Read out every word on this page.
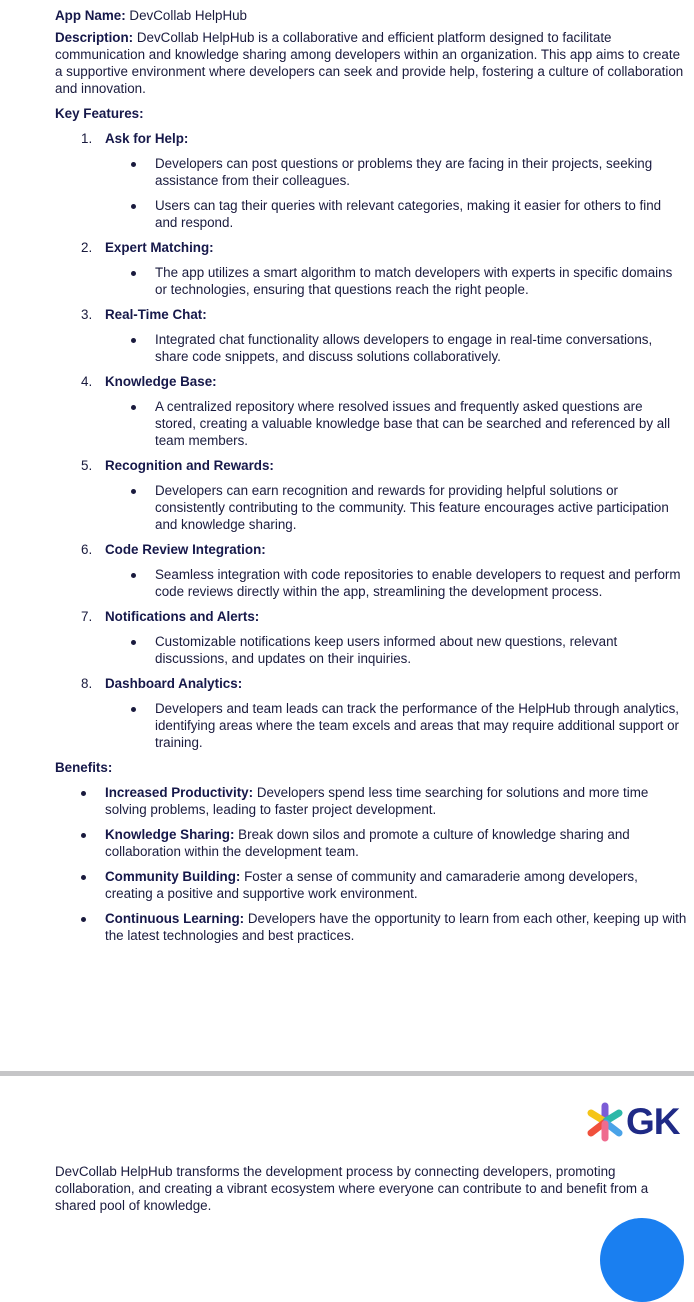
App Name: DevCollab HelpHub

Description: DevCollab HelpHub is a collaborative and efficient platform designed to facilitate communication and knowledge sharing among developers within an organization. This app aims to create a supportive environment where developers can seek and provide help, fostering a culture of collaboration and innovation.

Key Features:

1. Ask for Help:

Developers can post questions or problems they are facing in their projects, seeking assistance from their colleagues.
Users can tag their queries with relevant categories, making it easier for others to find and respond.
2. Expert Matching:

The app utilizes a smart algorithm to match developers with experts in specific domains or technologies, ensuring that questions reach the right people.
3. Real-Time Chat:

Integrated chat functionality allows developers to engage in real-time conversations, share code snippets, and discuss solutions collaboratively.
4. Knowledge Base:

A centralized repository where resolved issues and frequently asked questions are stored, creating a valuable knowledge base that can be searched and referenced by all team members.
5. Recognition and Rewards:

Developers can earn recognition and rewards for providing helpful solutions or consistently contributing to the community. This feature encourages active participation and knowledge sharing.
6. Code Review Integration:

Seamless integration with code repositories to enable developers to request and perform code reviews directly within the app, streamlining the development process.
7. Notifications and Alerts:

Customizable notifications keep users informed about new questions, relevant discussions, and updates on their inquiries.
8. Dashboard Analytics:

Developers and team leads can track the performance of the HelpHub through analytics, identifying areas where the team excels and areas that may require additional support or training.

Benefits:

Increased Productivity: Developers spend less time searching for solutions and more time solving problems, leading to faster project development.
Knowledge Sharing: Break down silos and promote a culture of knowledge sharing and collaboration within the development team.
Community Building: Foster a sense of community and camaraderie among developers, creating a positive and supportive work environment.
Continuous Learning: Developers have the opportunity to learn from each other, keeping up with the latest technologies and best practices.
GK

DevCollab HelpHub transforms the development process by connecting developers, promoting collaboration, and creating a vibrant ecosystem where everyone can contribute to and benefit from a shared pool of knowledge.
